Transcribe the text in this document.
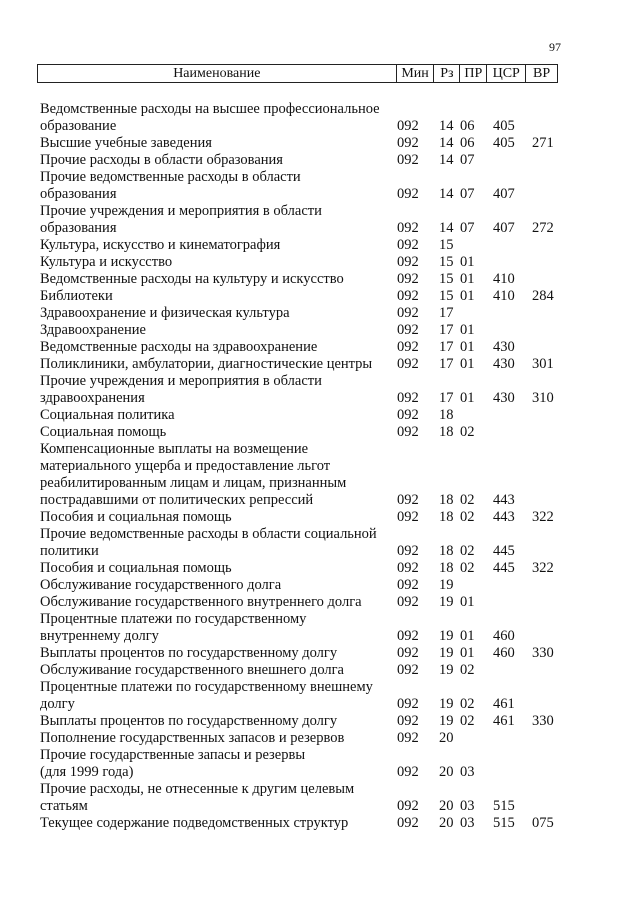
97
Наименование	Мин Рз ПР ЦСР ВР
Ведомственные расходы на высшее профессиональное
образование	092 14 06 405
Высшие учебные заведения	092 14 06 405 271
Прочие расходы в области образования	092 14 07
Прочие ведомственные расходы в области
образования	092 14 07 407
Прочие учреждения и мероприятия в области
образования	092 14 07 407 272
Культура, искусство и кинематография	092 15
Культура и искусство	092 15 01
Ведомственные расходы на культуру и искусство	092 15 01 410
Библиотеки	092 15 01 410 284
Здравоохранение и физическая культура	092 17
Здравоохранение	092 17 01
Ведомственные расходы на здравоохранение	092 17 01 430
Поликлиники, амбулатории, диагностические центры	092 17 01 430 301
Прочие учреждения и мероприятия в области
здравоохранения	092 17 01 430 310
Социальная политика	092 18
Социальная помощь	092 18 02
Компенсационные выплаты на возмещение
материального ущерба и предоставление льгот
реабилитированным лицам и лицам, признанным
пострадавшими от политических репрессий	092 18 02 443
Пособия и социальная помощь	092 18 02 443 322
Прочие ведомственные расходы в области социальной
политики	092 18 02 445
Пособия и социальная помощь	092 18 02 445 322
Обслуживание государственного долга	092 19
Обслуживание государственного внутреннего долга	092 19 01
Процентные платежи по государственному
внутреннему долгу	092 19 01 460
Выплаты процентов по государственному долгу	092 19 01 460 330
Обслуживание государственного внешнего долга	092 19 02
Процентные платежи по государственному внешнему
долгу	092 19 02 461
Выплаты процентов по государственному долгу	092 19 02 461 330
Пополнение государственных запасов и резервов	092 20
Прочие государственные запасы и резервы
(для 1999 года)	092 20 03
Прочие расходы, не отнесенные к другим целевым
статьям	092 20 03 515
Текущее содержание подведомственных структур	092 20 03 515 075
